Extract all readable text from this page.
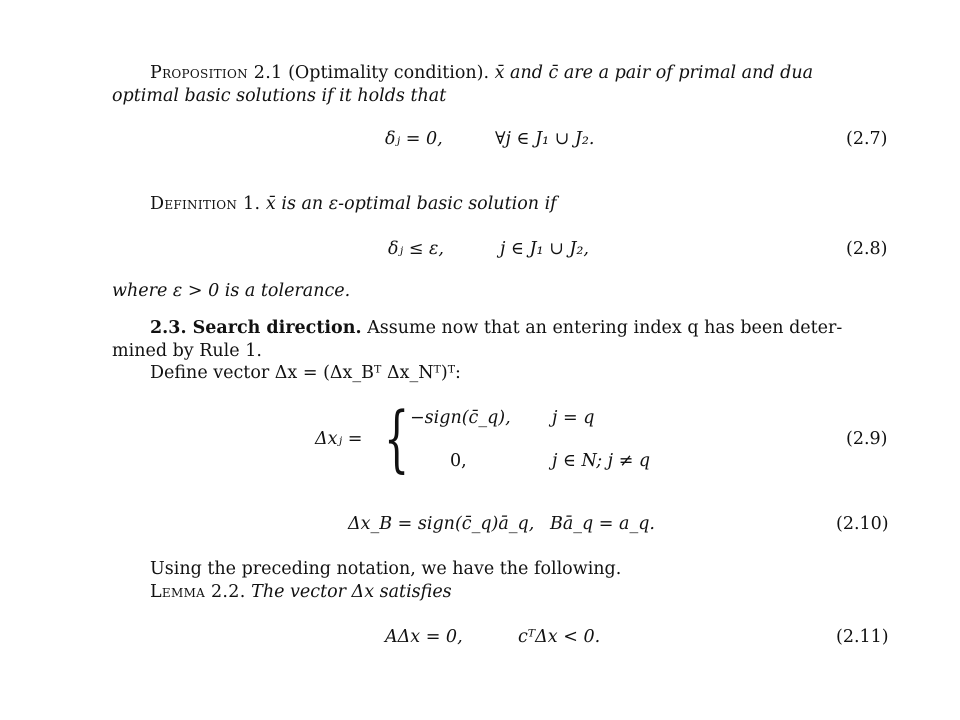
Proposition 2.1 (Optimality condition). x̄ and c̄ are a pair of primal and dua
optimal basic solutions if it holds that
δⱼ = 0,	∀j ∈ J₁ ∪ J₂.	(2.7)
Definition 1. x̄ is an ε-optimal basic solution if
δⱼ ≤ ε,	j ∈ J₁ ∪ J₂,	(2.8)
where ε > 0 is a tolerance.
2.3. Search direction. Assume now that an entering index q has been deter-
mined by Rule 1.
Define vector Δx = (Δx_Bᵀ Δx_Nᵀ)ᵀ:
Δxⱼ = { −sign(c̄_q), j = q
0,	j ∈ N; j ≠ q
(2.9)
Δx_B = sign(c̄_q)ā_q, Bā_q = a_q.	(2.10)
Using the preceding notation, we have the following.
Lemma 2.2. The vector Δx satisfies
AΔx = 0,	cᵀΔx < 0.	(2.11)
